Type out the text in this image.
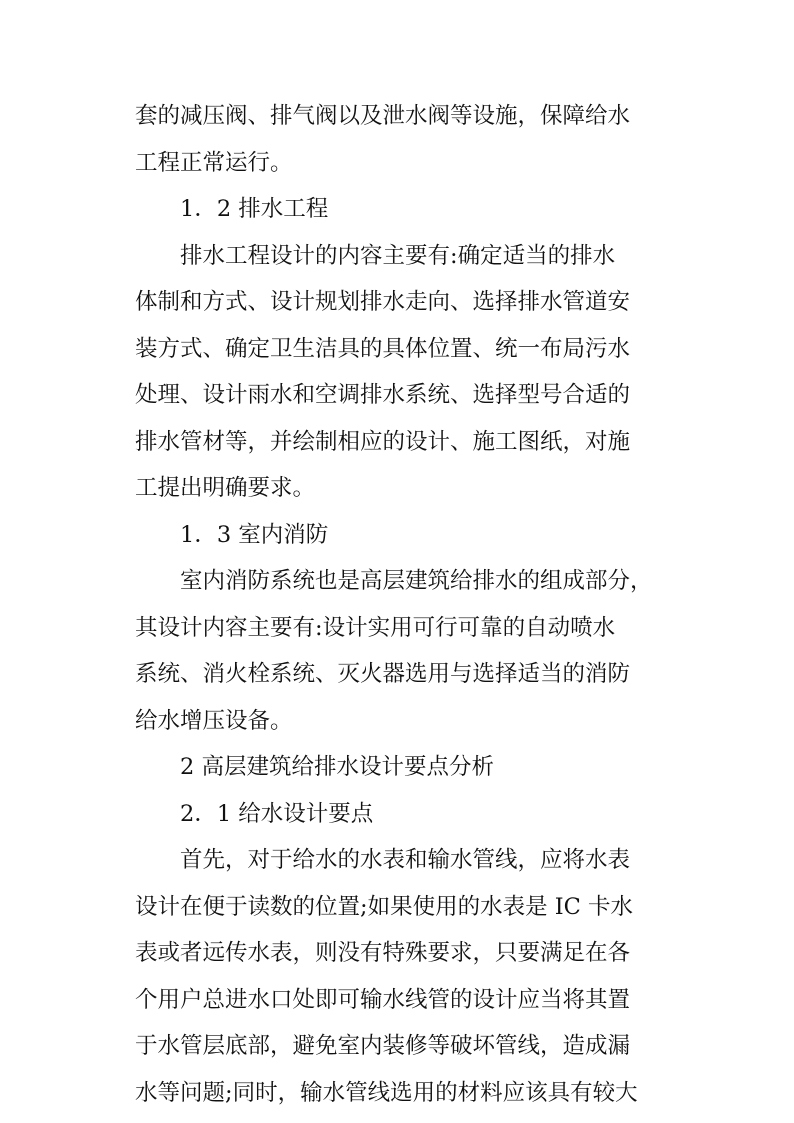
套的减压阀、排气阀以及泄水阀等设施，保障给水
工程正常运行。
1．2 排水工程
排水工程设计的内容主要有:确定适当的排水
体制和方式、设计规划排水走向、选择排水管道安
装方式、确定卫生洁具的具体位置、统一布局污水
处理、设计雨水和空调排水系统、选择型号合适的
排水管材等，并绘制相应的设计、施工图纸，对施
工提出明确要求。
1．3 室内消防
室内消防系统也是高层建筑给排水的组成部分，
其设计内容主要有:设计实用可行可靠的自动喷水
系统、消火栓系统、灭火器选用与选择适当的消防
给水增压设备。
2 高层建筑给排水设计要点分析
2．1 给水设计要点
首先，对于给水的水表和输水管线，应将水表
设计在便于读数的位置;如果使用的水表是 IC 卡水
表或者远传水表，则没有特殊要求，只要满足在各
个用户总进水口处即可输水线管的设计应当将其置
于水管层底部，避免室内装修等破坏管线，造成漏
水等问题;同时，输水管线选用的材料应该具有较大
